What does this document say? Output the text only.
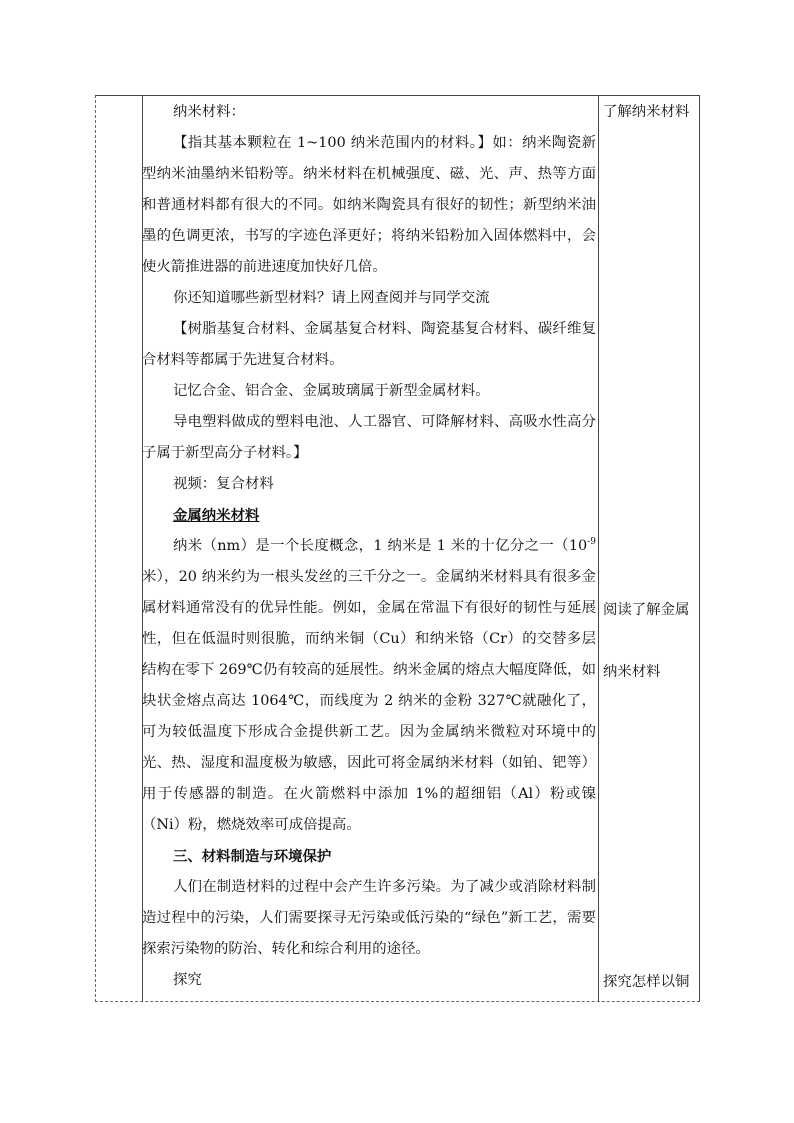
纳米材料：

【指其基本颗粒在 1~100 纳米范围内的材料。】如：纳米陶瓷新型纳米油墨纳米铅粉等。纳米材料在机械强度、磁、光、声、热等方面和普通材料都有很大的不同。如纳米陶瓷具有很好的韧性；新型纳米油墨的色调更浓，书写的字迹色泽更好；将纳米铅粉加入固体燃料中，会使火箭推进器的前进速度加快好几倍。

你还知道哪些新型材料？请上网查阅并与同学交流

【树脂基复合材料、金属基复合材料、陶瓷基复合材料、碳纤维复合材料等都属于先进复合材料。

记忆合金、铝合金、金属玻璃属于新型金属材料。

导电塑料做成的塑料电池、人工器官、可降解材料、高吸水性高分子属于新型高分子材料。】

视频：复合材料

金属纳米材料

纳米（nm）是一个长度概念，1 纳米是 1 米的十亿分之一（$10^{-9}$米），20 纳米约为一根头发丝的三千分之一。金属纳米材料具有很多金属材料通常没有的优异性能。例如，金属在常温下有很好的韧性与延展性，但在低温时则很脆，而纳米铜（Cu）和纳米铬（Cr）的交替多层结构在零下 269℃仍有较高的延展性。纳米金属的熔点大幅度降低，如块状金熔点高达 1064℃，而线度为 2 纳米的金粉 327℃就融化了，可为较低温度下形成合金提供新工艺。因为金属纳米微粒对环境中的光、热、湿度和温度极为敏感，因此可将金属纳米材料（如铂、钯等）用于传感器的制造。在火箭燃料中添加 1%的超细铝（Al）粉或镍（Ni）粉，燃烧效率可成倍提高。

三、材料制造与环境保护

人们在制造材料的过程中会产生许多污染。为了减少或消除材料制造过程中的污染，人们需要探寻无污染或低污染的“绿色”新工艺，需要探索污染物的防治、转化和综合利用的途径。

探究

了解纳米材料
阅读了解金属
纳米材料
探究怎样以铜
